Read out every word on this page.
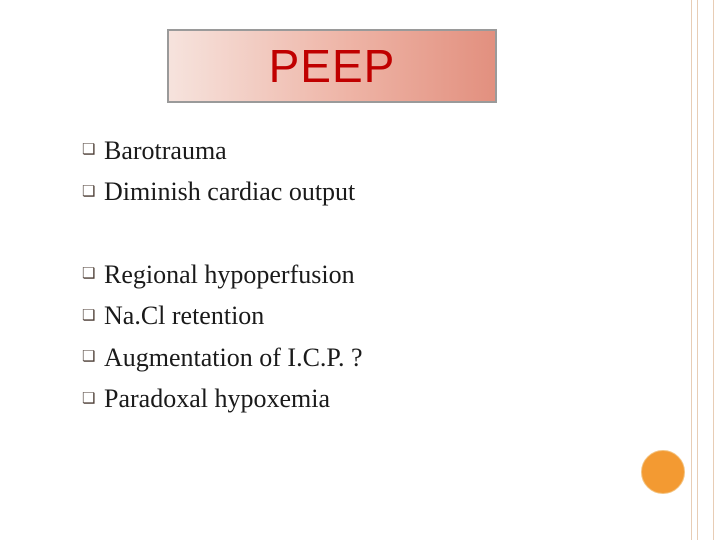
PEEP
❏ Barotrauma
❏ Diminish cardiac output
❏ Regional hypoperfusion
❏ Na.Cl retention
❏ Augmentation of I.C.P. ?
❏ Paradoxal hypoxemia
